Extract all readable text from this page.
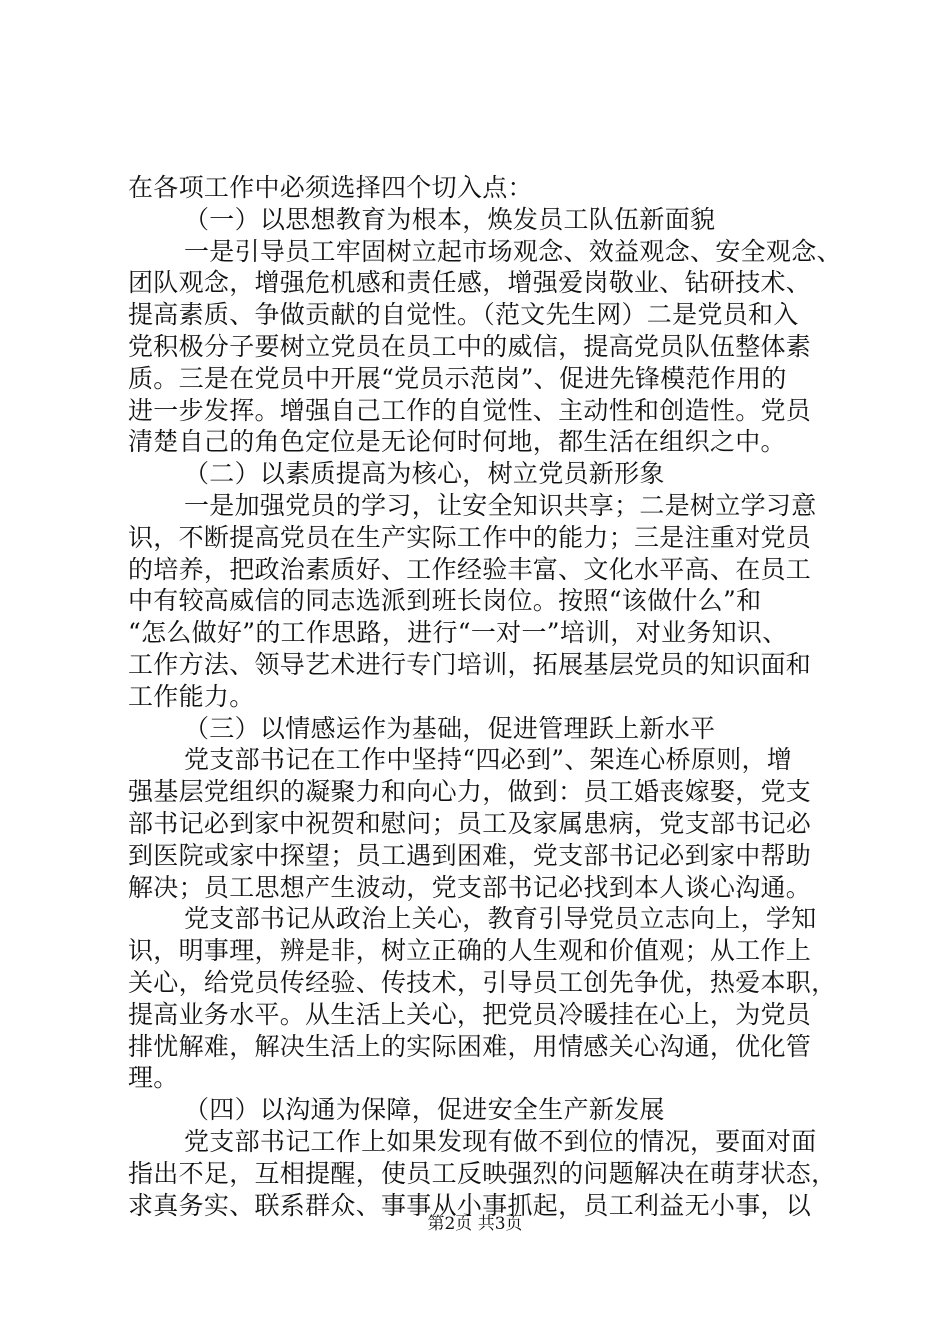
在各项工作中必须选择四个切入点：
（一）以思想教育为根本，焕发员工队伍新面貌
一是引导员工牢固树立起市场观念、效益观念、安全观念、
团队观念，增强危机感和责任感，增强爱岗敬业、钻研技术、
提高素质、争做贡献的自觉性。（范文先生网）二是党员和入
党积极分子要树立党员在员工中的威信，提高党员队伍整体素
质。三是在党员中开展“党员示范岗”、促进先锋模范作用的
进一步发挥。增强自己工作的自觉性、主动性和创造性。党员
清楚自己的角色定位是无论何时何地，都生活在组织之中。
（二）以素质提高为核心，树立党员新形象
一是加强党员的学习，让安全知识共享；二是树立学习意
识，不断提高党员在生产实际工作中的能力；三是注重对党员
的培养，把政治素质好、工作经验丰富、文化水平高、在员工
中有较高威信的同志选派到班长岗位。按照“该做什么”和
“怎么做好”的工作思路，进行“一对一”培训，对业务知识、
工作方法、领导艺术进行专门培训，拓展基层党员的知识面和
工作能力。
（三）以情感运作为基础，促进管理跃上新水平
党支部书记在工作中坚持“四必到”、架连心桥原则，增
强基层党组织的凝聚力和向心力，做到：员工婚丧嫁娶，党支
部书记必到家中祝贺和慰问；员工及家属患病，党支部书记必
到医院或家中探望；员工遇到困难，党支部书记必到家中帮助
解决；员工思想产生波动，党支部书记必找到本人谈心沟通。
党支部书记从政治上关心，教育引导党员立志向上，学知
识，明事理，辨是非，树立正确的人生观和价值观；从工作上
关心，给党员传经验、传技术，引导员工创先争优，热爱本职，
提高业务水平。从生活上关心，把党员冷暖挂在心上，为党员
排忧解难，解决生活上的实际困难，用情感关心沟通，优化管
理。
（四）以沟通为保障，促进安全生产新发展
党支部书记工作上如果发现有做不到位的情况，要面对面
指出不足，互相提醒，使员工反映强烈的问题解决在萌芽状态，
求真务实、联系群众、事事从小事抓起，员工利益无小事，以
第2页 共3页
